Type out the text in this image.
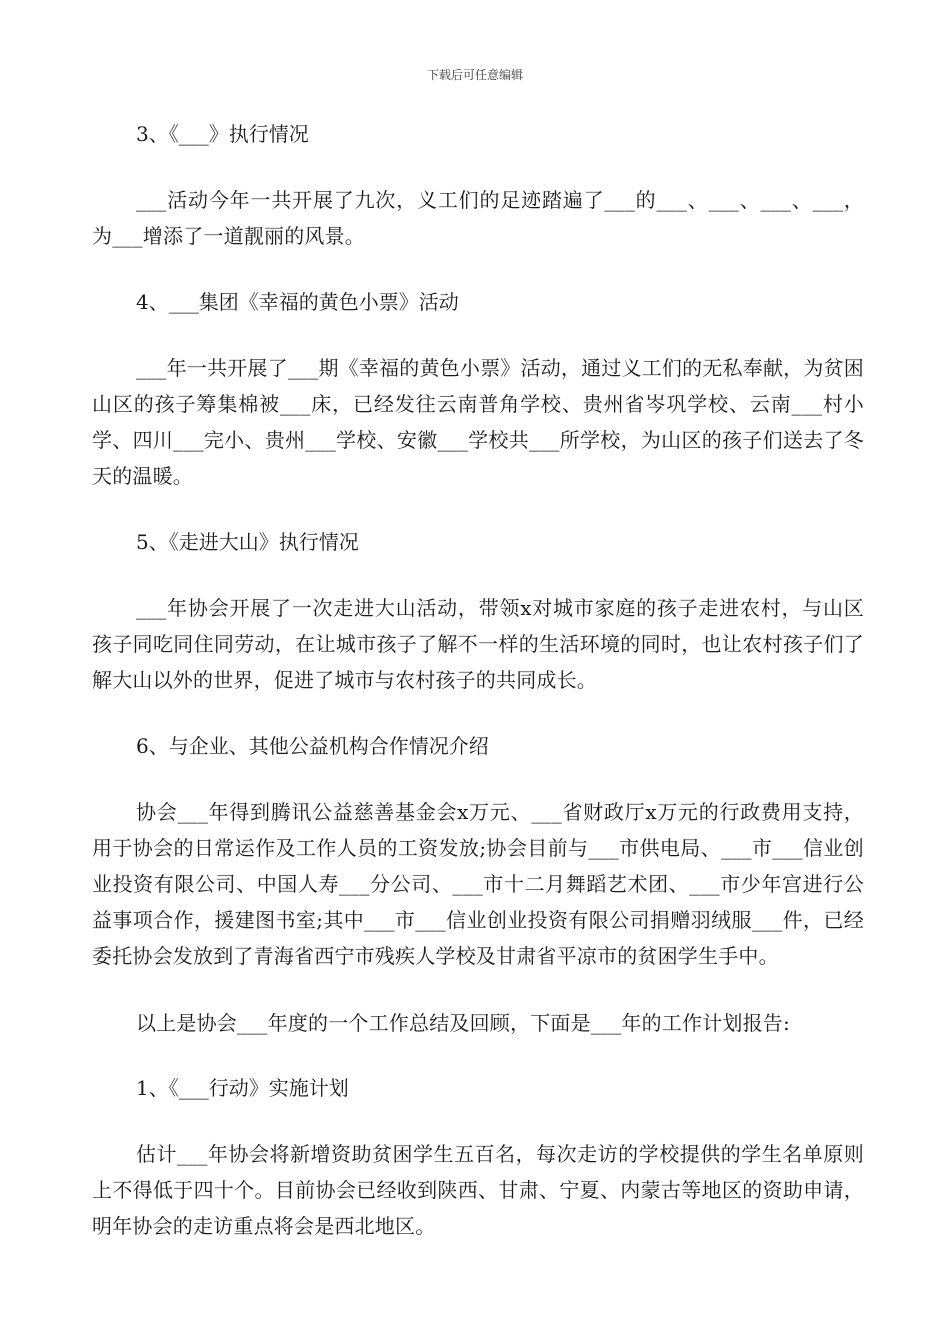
下载后可任意编辑
3、《___》执行情况
___活动今年一共开展了九次，义工们的足迹踏遍了___的___、___、___、___，为___增添了一道靓丽的风景。
4、___集团《幸福的黄色小票》活动
___年一共开展了___期《幸福的黄色小票》活动，通过义工们的无私奉献，为贫困山区的孩子筹集棉被___床，已经发往云南普角学校、贵州省岑巩学校、云南___村小学、四川___完小、贵州___学校、安徽___学校共___所学校，为山区的孩子们送去了冬天的温暖。
5、《走进大山》执行情况
___年协会开展了一次走进大山活动，带领x对城市家庭的孩子走进农村，与山区孩子同吃同住同劳动，在让城市孩子了解不一样的生活环境的同时，也让农村孩子们了解大山以外的世界，促进了城市与农村孩子的共同成长。
6、与企业、其他公益机构合作情况介绍
协会___年得到腾讯公益慈善基金会x万元、___省财政厅x万元的行政费用支持，用于协会的日常运作及工作人员的工资发放;协会目前与___市供电局、___市___信业创业投资有限公司、中国人寿___分公司、___市十二月舞蹈艺术团、___市少年宫进行公益事项合作，援建图书室;其中___市___信业创业投资有限公司捐赠羽绒服___件，已经委托协会发放到了青海省西宁市残疾人学校及甘肃省平凉市的贫困学生手中。
以上是协会___年度的一个工作总结及回顾，下面是___年的工作计划报告:
1、《___行动》实施计划
估计___年协会将新增资助贫困学生五百名，每次走访的学校提供的学生名单原则上不得低于四十个。目前协会已经收到陕西、甘肃、宁夏、内蒙古等地区的资助申请，明年协会的走访重点将会是西北地区。
